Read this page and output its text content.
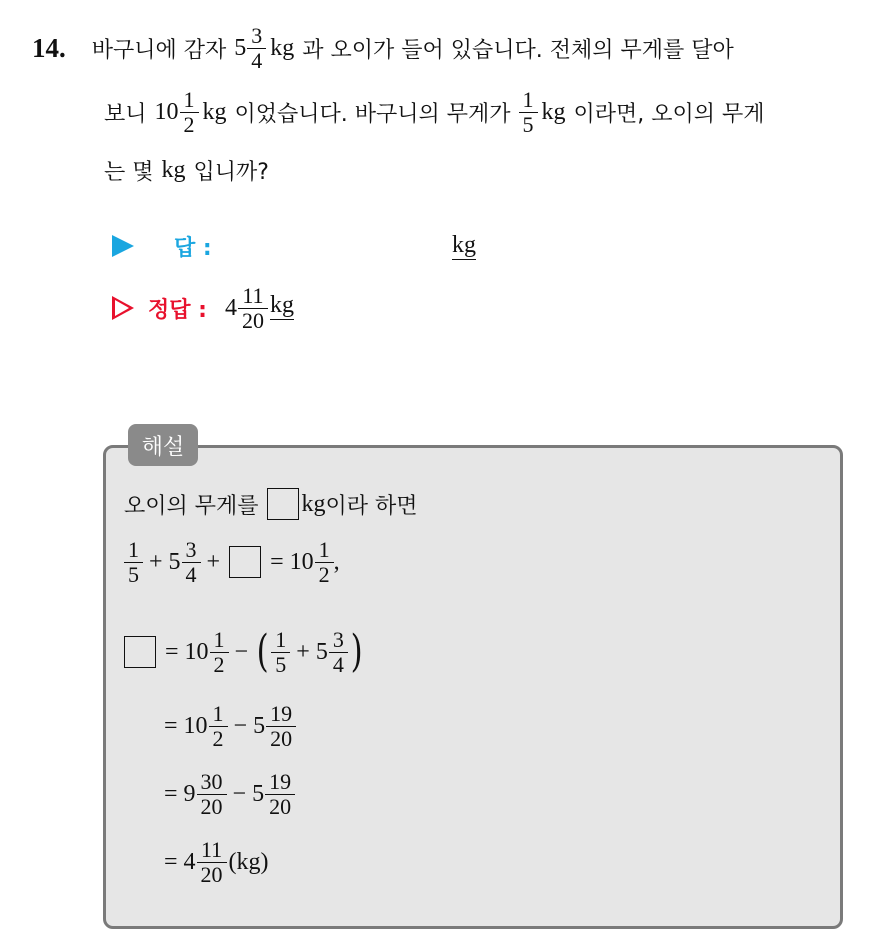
14. 바구니에 감자 $5 \frac{3}{4}$ kg 과 오이가 들어 있습니다. 전체의 무게를 달아
보니 $10 \frac{1}{2}$ kg 이었습니다. 바구니의 무게가 $\frac{1}{5}$ kg 이라면, 오이의 무게
는 몇 kg 입니까?
답 :	kg
정답 : $4 \frac{11}{20}$ kg
해설
오이의 무게를 kg 이라 하면
$\frac{1}{5} + 5 \frac{3}{4}$ + = $10 \frac{1}{2}$ ,
= $10 \frac{1}{2}$ − ( $\frac{1}{5} + 5 \frac{3}{4}$ )
= $10 \frac{1}{2} - 5 \frac{19}{20}$
= $9 \frac{30}{20} - 5 \frac{19}{20}$
= $4 \frac{11}{20} (kg)$
